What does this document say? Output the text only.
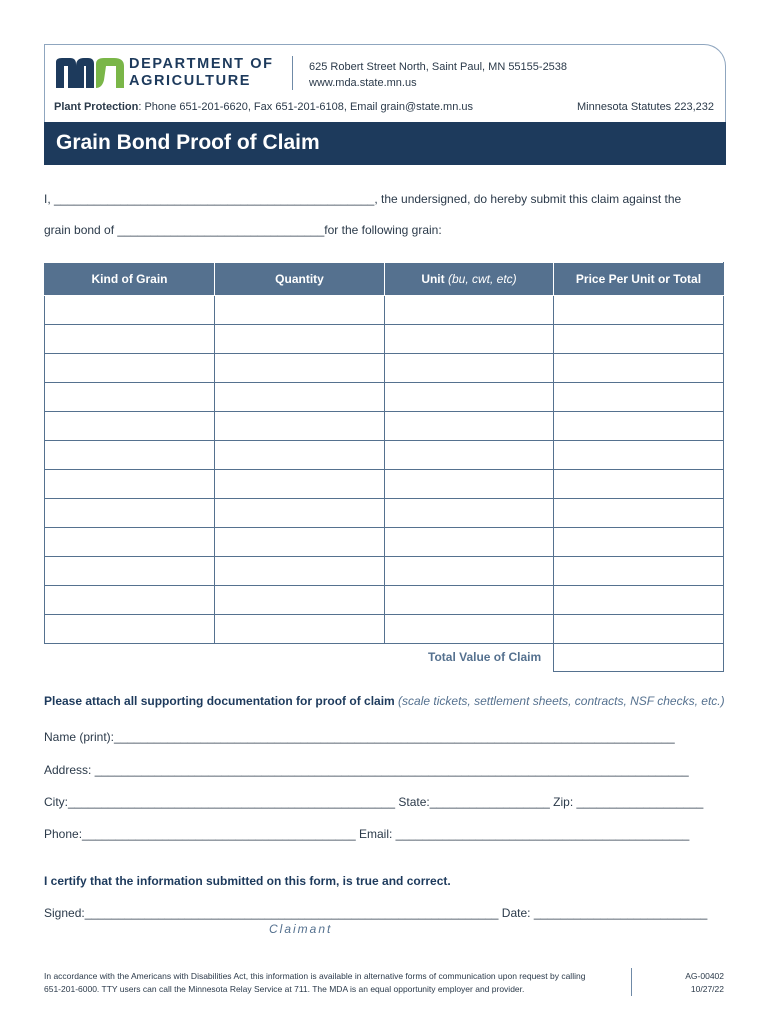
DEPARTMENT OF
AGRICULTURE
625 Robert Street North, Saint Paul, MN 55155-2538
www.mda.state.mn.us
Plant Protection: Phone 651-201-6620, Fax 651-201-6108, Email grain@state.mn.us	Minnesota Statutes 223,232
Grain Bond Proof of Claim
I, ________________________________________________, the undersigned, do hereby submit this claim against the
grain bond of _______________________________for the following grain:
Kind of Grain	Quantity	Unit (bu, cwt, etc)	Price Per Unit or Total

Total Value of Claim
Please attach all supporting documentation for proof of claim (scale tickets, settlement sheets, contracts, NSF checks, etc.)
Name (print):____________________________________________________________________________________
Address: _________________________________________________________________________________________
City:_________________________________________________ State:__________________ Zip: ___________________
Phone:_________________________________________ Email: ____________________________________________
I certify that the information submitted on this form, is true and correct.
Signed:______________________________________________________________ Date: __________________________
Claimant
In accordance with the Americans with Disabilities Act, this information is available in alternative forms of communication upon request by calling 651-201-6000. TTY users can call the Minnesota Relay Service at 711. The MDA is an equal opportunity employer and provider.
AG-00402
10/27/22
